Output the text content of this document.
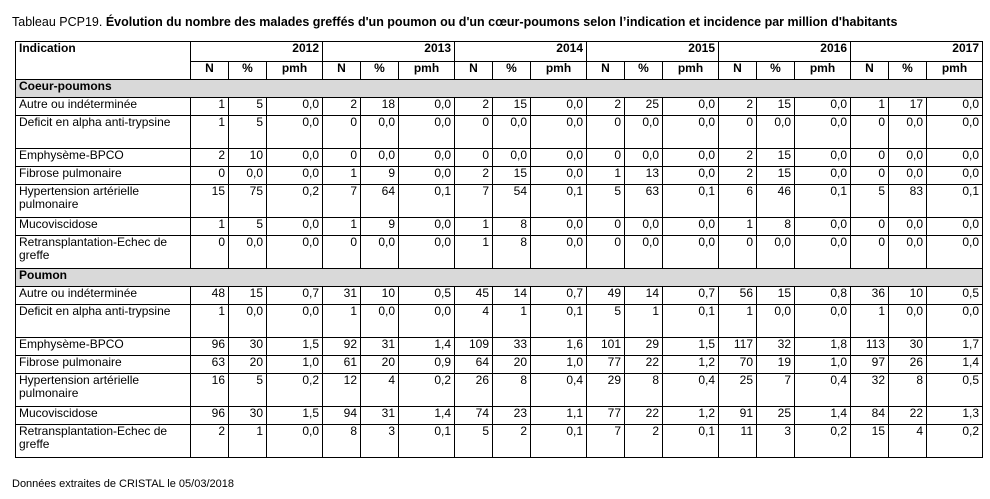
Tableau PCP19. Évolution du nombre des malades greffés d'un poumon ou d'un cœur-poumons selon l’indication et incidence par million d'habitants
Indication	2012			2013			2014			2015			2016			2017		
	N	%	pmh	N	%	pmh	N	%	pmh	N	%	pmh	N	%	pmh	N	%	pmh
Coeur-poumons																		
Autre ou indéterminée	1	5	0,0	2	18	0,0	2	15	0,0	2	25	0,0	2	15	0,0	1	17	0,0
Deficit en alpha anti-trypsine	1	5	0,0	0	0,0	0,0	0	0,0	0,0	0	0,0	0,0	0	0,0	0,0	0	0,0	0,0
Emphysème-BPCO	2	10	0,0	0	0,0	0,0	0	0,0	0,0	0	0,0	0,0	2	15	0,0	0	0,0	0,0
Fibrose pulmonaire	0	0,0	0,0	1	9	0,0	2	15	0,0	1	13	0,0	2	15	0,0	0	0,0	0,0
Hypertension artérielle pulmonaire	15	75	0,2	7	64	0,1	7	54	0,1	5	63	0,1	6	46	0,1	5	83	0,1
Mucoviscidose	1	5	0,0	1	9	0,0	1	8	0,0	0	0,0	0,0	1	8	0,0	0	0,0	0,0
Retransplantation-Echec de greffe	0	0,0	0,0	0	0,0	0,0	1	8	0,0	0	0,0	0,0	0	0,0	0,0	0	0,0	0,0
Poumon																		
Autre ou indéterminée	48	15	0,7	31	10	0,5	45	14	0,7	49	14	0,7	56	15	0,8	36	10	0,5
Deficit en alpha anti-trypsine	1	0,0	0,0	1	0,0	0,0	4	1	0,1	5	1	0,1	1	0,0	0,0	1	0,0	0,0
Emphysème-BPCO	96	30	1,5	92	31	1,4	109	33	1,6	101	29	1,5	117	32	1,8	113	30	1,7
Fibrose pulmonaire	63	20	1,0	61	20	0,9	64	20	1,0	77	22	1,2	70	19	1,0	97	26	1,4
Hypertension artérielle pulmonaire	16	5	0,2	12	4	0,2	26	8	0,4	29	8	0,4	25	7	0,4	32	8	0,5
Mucoviscidose	96	30	1,5	94	31	1,4	74	23	1,1	77	22	1,2	91	25	1,4	84	22	1,3
Retransplantation-Echec de greffe	2	1	0,0	8	3	0,1	5	2	0,1	7	2	0,1	11	3	0,2	15	4	0,2
Données extraites de CRISTAL le 05/03/2018
